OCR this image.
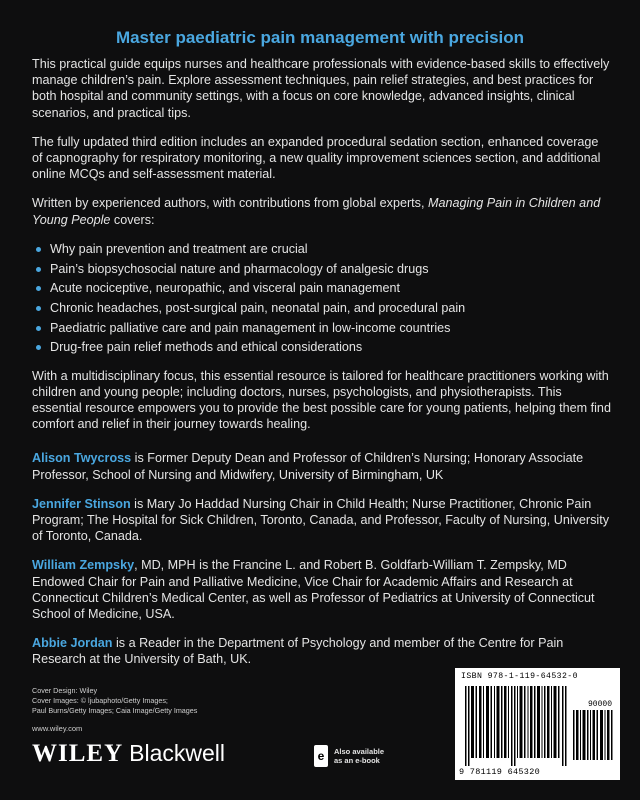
Master paediatric pain management with precision

This practical guide equips nurses and healthcare professionals with evidence-based skills to effectively manage children’s pain. Explore assessment techniques, pain relief strategies, and best practices for both hospital and community settings, with a focus on core knowledge, advanced insights, clinical scenarios, and practical tips.

The fully updated third edition includes an expanded procedural sedation section, enhanced coverage of capnography for respiratory monitoring, a new quality improvement sciences section, and additional online MCQs and self-assessment material.

Written by experienced authors, with contributions from global experts, Managing Pain in Children and Young People covers:

Why pain prevention and treatment are crucial
Pain’s biopsychosocial nature and pharmacology of analgesic drugs
Acute nociceptive, neuropathic, and visceral pain management
Chronic headaches, post-surgical pain, neonatal pain, and procedural pain
Paediatric palliative care and pain management in low-income countries
Drug-free pain relief methods and ethical considerations

With a multidisciplinary focus, this essential resource is tailored for healthcare practitioners working with children and young people; including doctors, nurses, psychologists, and physiotherapists. This essential resource empowers you to provide the best possible care for young patients, helping them find comfort and relief in their journey towards healing.

Alison Twycross is Former Deputy Dean and Professor of Children’s Nursing; Honorary Associate Professor, School of Nursing and Midwifery, University of Birmingham, UK

Jennifer Stinson is Mary Jo Haddad Nursing Chair in Child Health; Nurse Practitioner, Chronic Pain Program; The Hospital for Sick Children, Toronto, Canada, and Professor, Faculty of Nursing, University of Toronto, Canada.

William Zempsky, MD, MPH is the Francine L. and Robert B. Goldfarb-William T. Zempsky, MD Endowed Chair for Pain and Palliative Medicine, Vice Chair for Academic Affairs and Research at Connecticut Children’s Medical Center, as well as Professor of Pediatrics at University of Connecticut School of Medicine, USA.

Abbie Jordan is a Reader in the Department of Psychology and member of the Centre for Pain Research at the University of Bath, UK.

Cover Design: Wiley
Cover Images: © ljubaphoto/Getty Images;
Paul Burns/Getty Images; Caia Image/Getty Images
www.wiley.com
WILEY Blackwell	e	Also available
as an e-book
ISBN 978-1-119-64532-0
90000
9 781119 645320
